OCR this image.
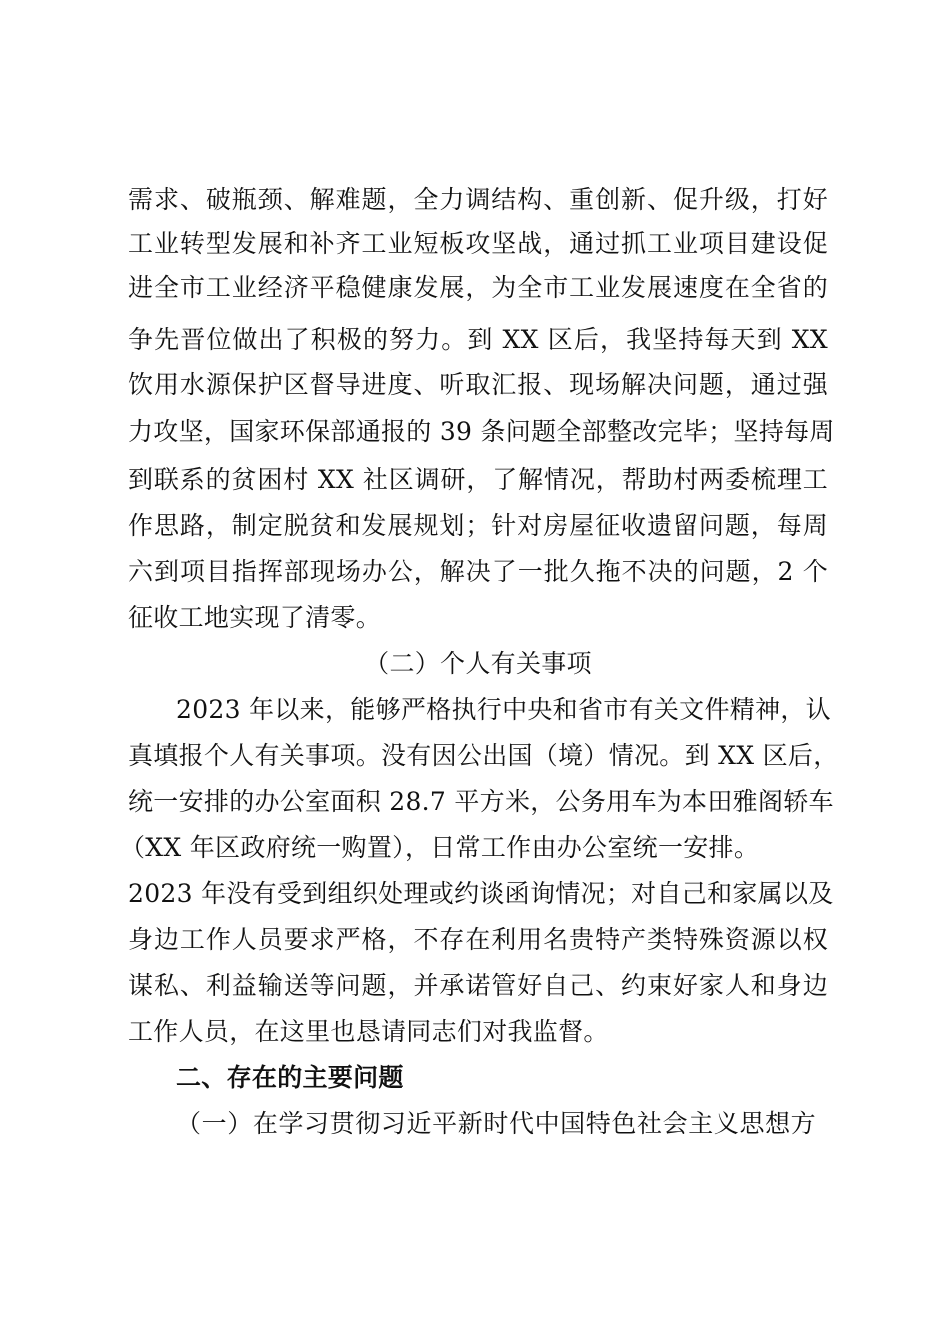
需求、破瓶颈、解难题，全力调结构、重创新、促升级，打好
工业转型发展和补齐工业短板攻坚战，通过抓工业项目建设促
进全市工业经济平稳健康发展，为全市工业发展速度在全省的
争先晋位做出了积极的努力。到 XX 区后，我坚持每天到 XX
饮用水源保护区督导进度、听取汇报、现场解决问题，通过强
力攻坚，国家环保部通报的 39 条问题全部整改完毕；坚持每周
到联系的贫困村 XX 社区调研，了解情况，帮助村两委梳理工
作思路，制定脱贫和发展规划；针对房屋征收遗留问题，每周
六到项目指挥部现场办公，解决了一批久拖不决的问题，2 个
征收工地实现了清零。
（二）个人有关事项
2023 年以来，能够严格执行中央和省市有关文件精神，认
真填报个人有关事项。没有因公出国（境）情况。到 XX 区后，
统一安排的办公室面积 28.7 平方米，公务用车为本田雅阁轿车
（XX 年区政府统一购置），日常工作由办公室统一安排。
2023 年没有受到组织处理或约谈函询情况；对自己和家属以及
身边工作人员要求严格，不存在利用名贵特产类特殊资源以权
谋私、利益输送等问题，并承诺管好自己、约束好家人和身边
工作人员，在这里也恳请同志们对我监督。
二、存在的主要问题
（一）在学习贯彻习近平新时代中国特色社会主义思想方
